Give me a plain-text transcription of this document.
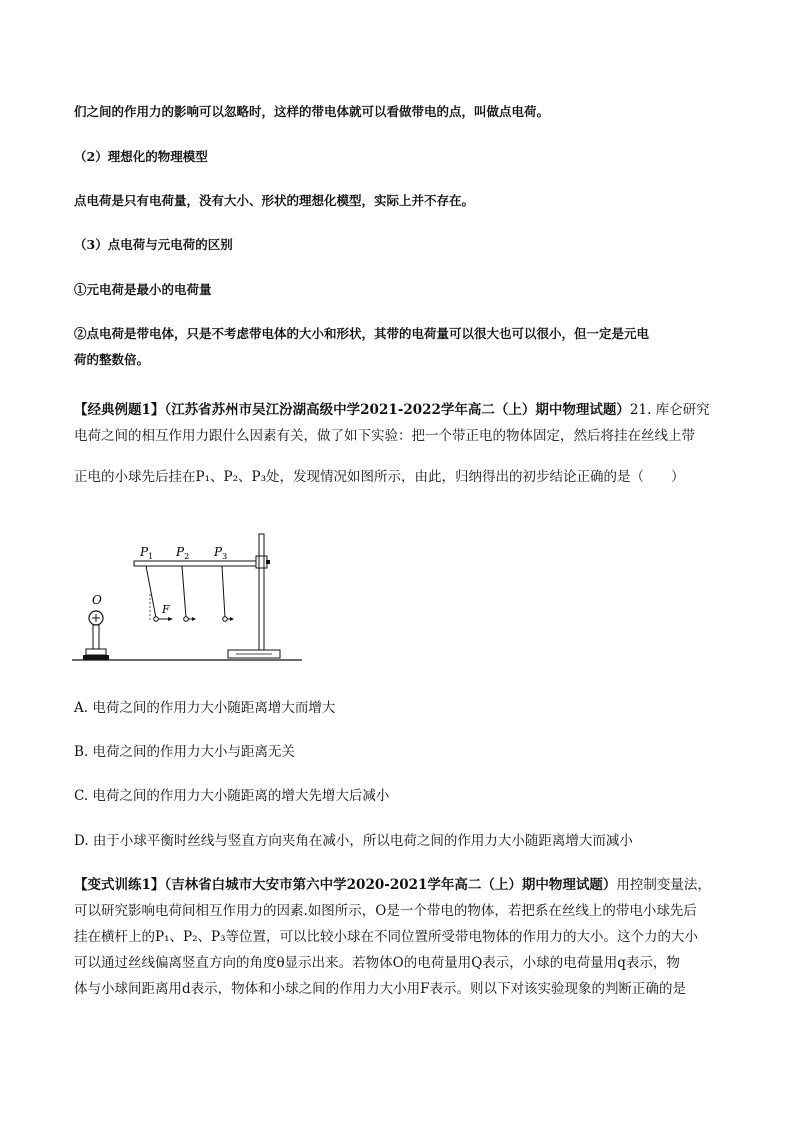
们之间的作用力的影响可以忽略时，这样的带电体就可以看做带电的点，叫做点电荷。
（2）理想化的物理模型
点电荷是只有电荷量，没有大小、形状的理想化模型，实际上并不存在。
（3）点电荷与元电荷的区别
①元电荷是最小的电荷量
②点电荷是带电体，只是不考虑带电体的大小和形状，其带的电荷量可以很大也可以很小，但一定是元电
荷的整数倍。
【经典例题1】（江苏省苏州市吴江汾湖高级中学2021-2022学年高二（上）期中物理试题）21. 库仑研究
电荷之间的相互作用力跟什么因素有关，做了如下实验：把一个带正电的物体固定，然后将挂在丝线上带
正电的小球先后挂在P₁、P₂、P₃处，发现情况如图所示，由此，归纳得出的初步结论正确的是（　　）
O
$P_1$ $P_2$ $P_3$
F
A. 电荷之间的作用力大小随距离增大而增大
B. 电荷之间的作用力大小与距离无关
C. 电荷之间的作用力大小随距离的增大先增大后减小
D. 由于小球平衡时丝线与竖直方向夹角在减小，所以电荷之间的作用力大小随距离增大而减小
【变式训练1】（吉林省白城市大安市第六中学2020-2021学年高二（上）期中物理试题）用控制变量法，
可以研究影响电荷间相互作用力的因素.如图所示，O是一个带电的物体，若把系在丝线上的带电小球先后
挂在横杆上的P₁、P₂、P₃等位置，可以比较小球在不同位置所受带电物体的作用力的大小。这个力的大小
可以通过丝线偏离竖直方向的角度θ显示出来。若物体O的电荷量用Q表示，小球的电荷量用q表示，物
体与小球间距离用d表示，物体和小球之间的作用力大小用F表示。则以下对该实验现象的判断正确的是
